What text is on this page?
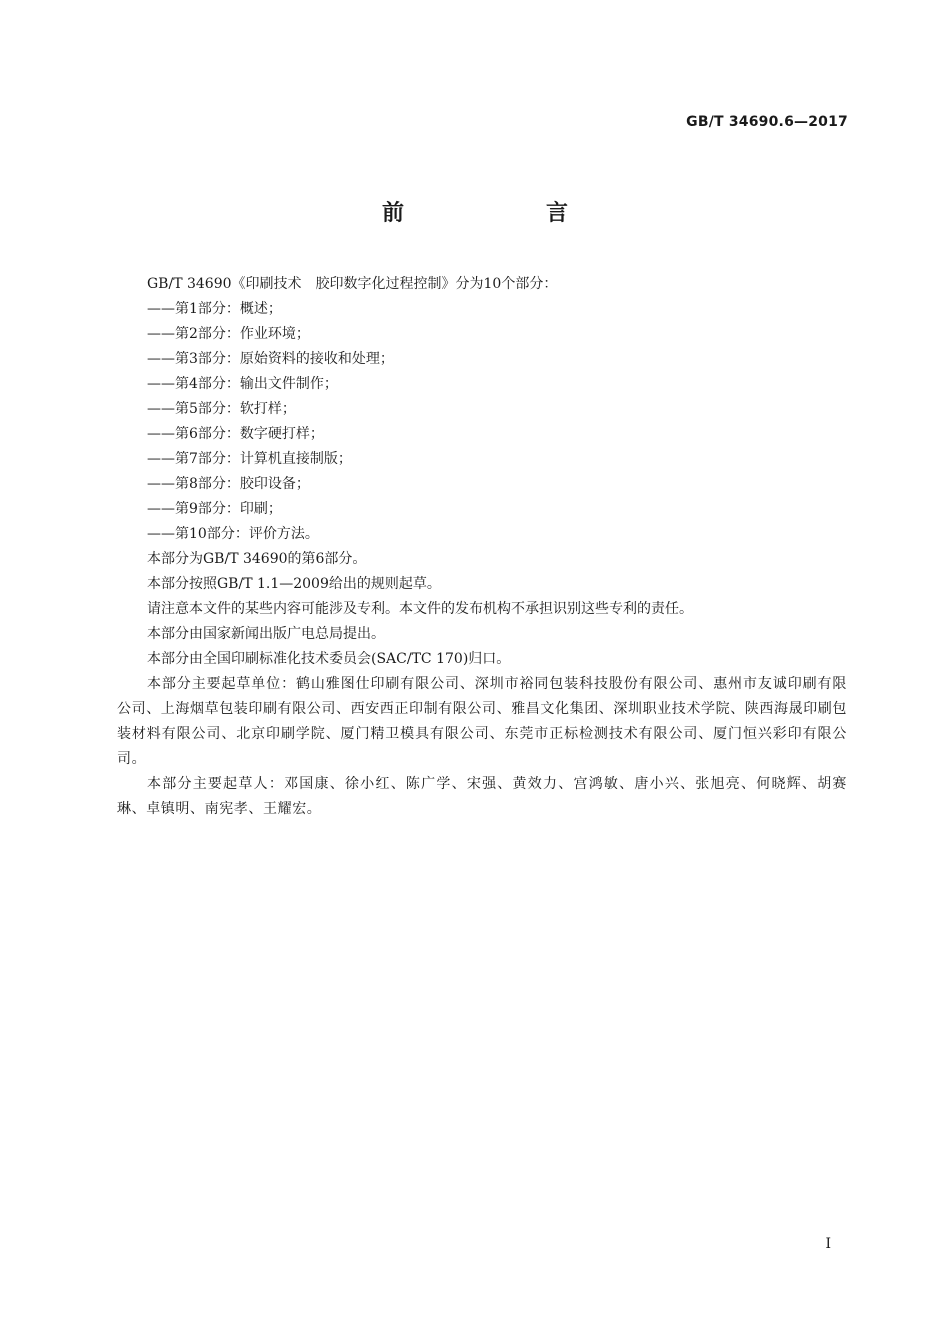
GB/T 34690.6—2017
前　言

GB/T 34690《印刷技术　胶印数字化过程控制》分为10个部分：

——第1部分：概述；

——第2部分：作业环境；

——第3部分：原始资料的接收和处理；

——第4部分：输出文件制作；

——第5部分：软打样；

——第6部分：数字硬打样；

——第7部分：计算机直接制版；

——第8部分：胶印设备；

——第9部分：印刷；

——第10部分：评价方法。

本部分为GB/T 34690的第6部分。

本部分按照GB/T 1.1—2009给出的规则起草。

请注意本文件的某些内容可能涉及专利。本文件的发布机构不承担识别这些专利的责任。

本部分由国家新闻出版广电总局提出。

本部分由全国印刷标准化技术委员会(SAC/TC 170)归口。

本部分主要起草单位：鹤山雅图仕印刷有限公司、深圳市裕同包装科技股份有限公司、惠州市友诚印刷有限公司、上海烟草包装印刷有限公司、西安西正印制有限公司、雅昌文化集团、深圳职业技术学院、陕西海晟印刷包装材料有限公司、北京印刷学院、厦门精卫模具有限公司、东莞市正标检测技术有限公司、厦门恒兴彩印有限公司。

本部分主要起草人：邓国康、徐小红、陈广学、宋强、黄效力、宫鸿敏、唐小兴、张旭亮、何晓辉、胡赛琳、卓镇明、南宪孝、王耀宏。

I
